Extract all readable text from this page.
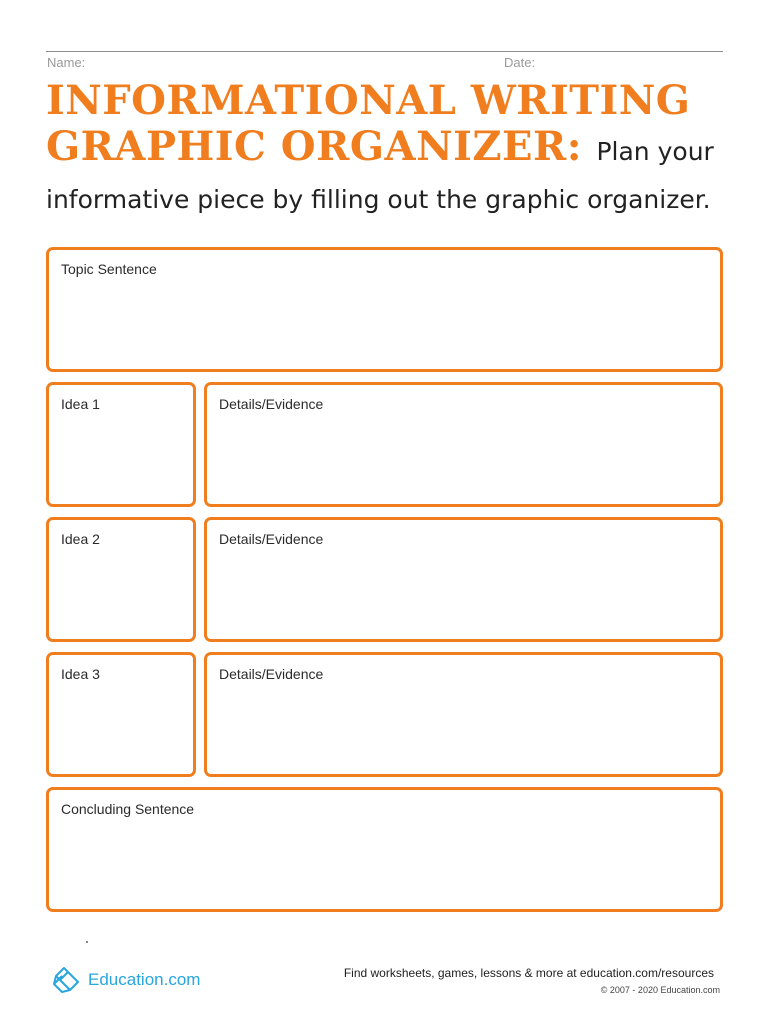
Name:	Date:
INFORMATIONAL WRITING
GRAPHIC ORGANIZER: Plan your
informative piece by filling out the graphic organizer.
Topic Sentence
Idea 1	Details/Evidence
Idea 2	Details/Evidence
Idea 3	Details/Evidence
Concluding Sentence
Education.com	Find worksheets, games, lessons & more at education.com/resources
© 2007 - 2020 Education.com
